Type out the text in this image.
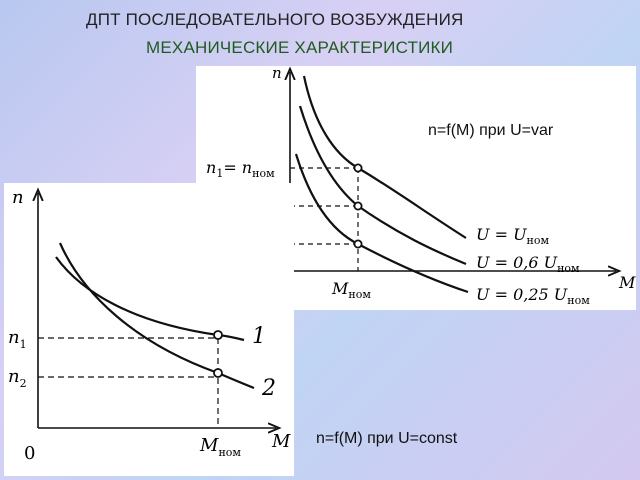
ДПТ ПОСЛЕДОВАТЕЛЬНОГО ВОЗБУЖДЕНИЯ
МЕХАНИЧЕСКИЕ ХАРАКТЕРИСТИКИ
n
M
$n_1= n_{ном}$
$M_{ном}$
$U = U_{ном}$
U = 0,6 $U_{ном}$
U = 0,25 $U_{ном}$
n
M
0
1
2
$n_1$
$n_2$
$M_{ном}$
n=f(M) при U=var
n=f(M) при U=const
